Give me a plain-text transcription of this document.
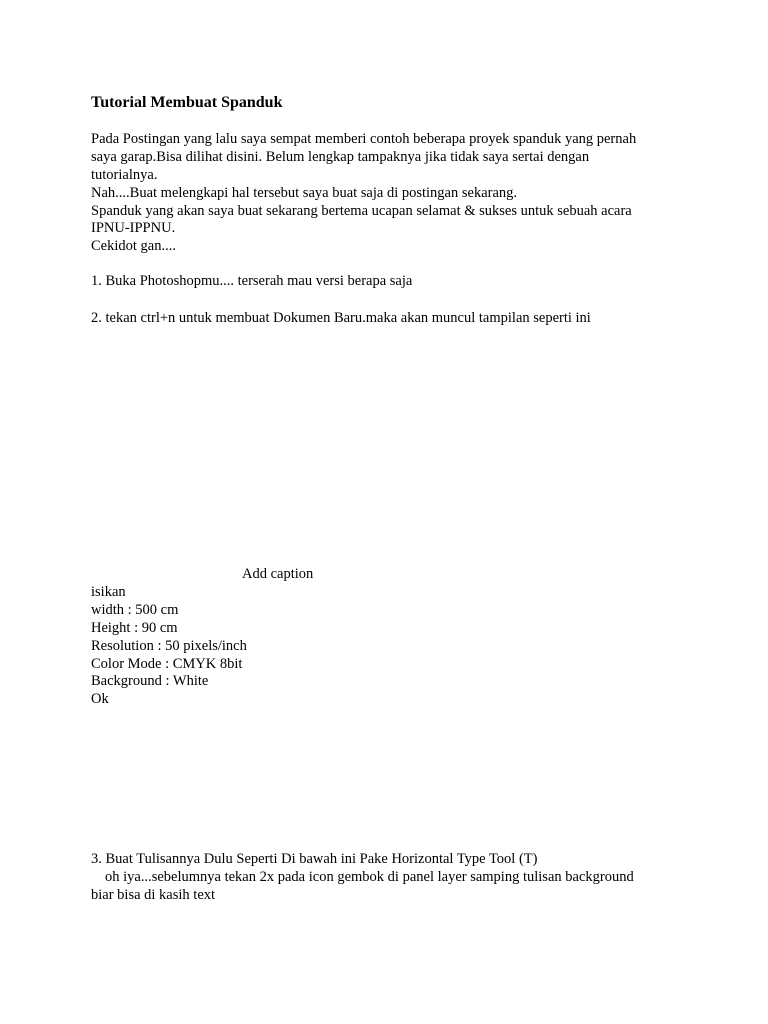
Tutorial Membuat Spanduk
Pada Postingan yang lalu saya sempat memberi contoh beberapa proyek spanduk yang pernah
saya garap.Bisa dilihat disini. Belum lengkap tampaknya jika tidak saya sertai dengan
tutorialnya.
Nah....Buat melengkapi hal tersebut saya buat saja di postingan sekarang.
Spanduk yang akan saya buat sekarang bertema ucapan selamat & sukses untuk sebuah acara
IPNU-IPPNU.
Cekidot gan....
1. Buka Photoshopmu.... terserah mau versi berapa saja
2. tekan ctrl+n untuk membuat Dokumen Baru.maka akan muncul tampilan seperti ini
Add caption
isikan
width : 500 cm
Height : 90 cm
Resolution : 50 pixels/inch
Color Mode : CMYK 8bit
Background : White
Ok
3. Buat Tulisannya Dulu Seperti Di bawah ini Pake Horizontal Type Tool (T)
oh iya...sebelumnya tekan 2x pada icon gembok di panel layer samping tulisan background
biar bisa di kasih text
